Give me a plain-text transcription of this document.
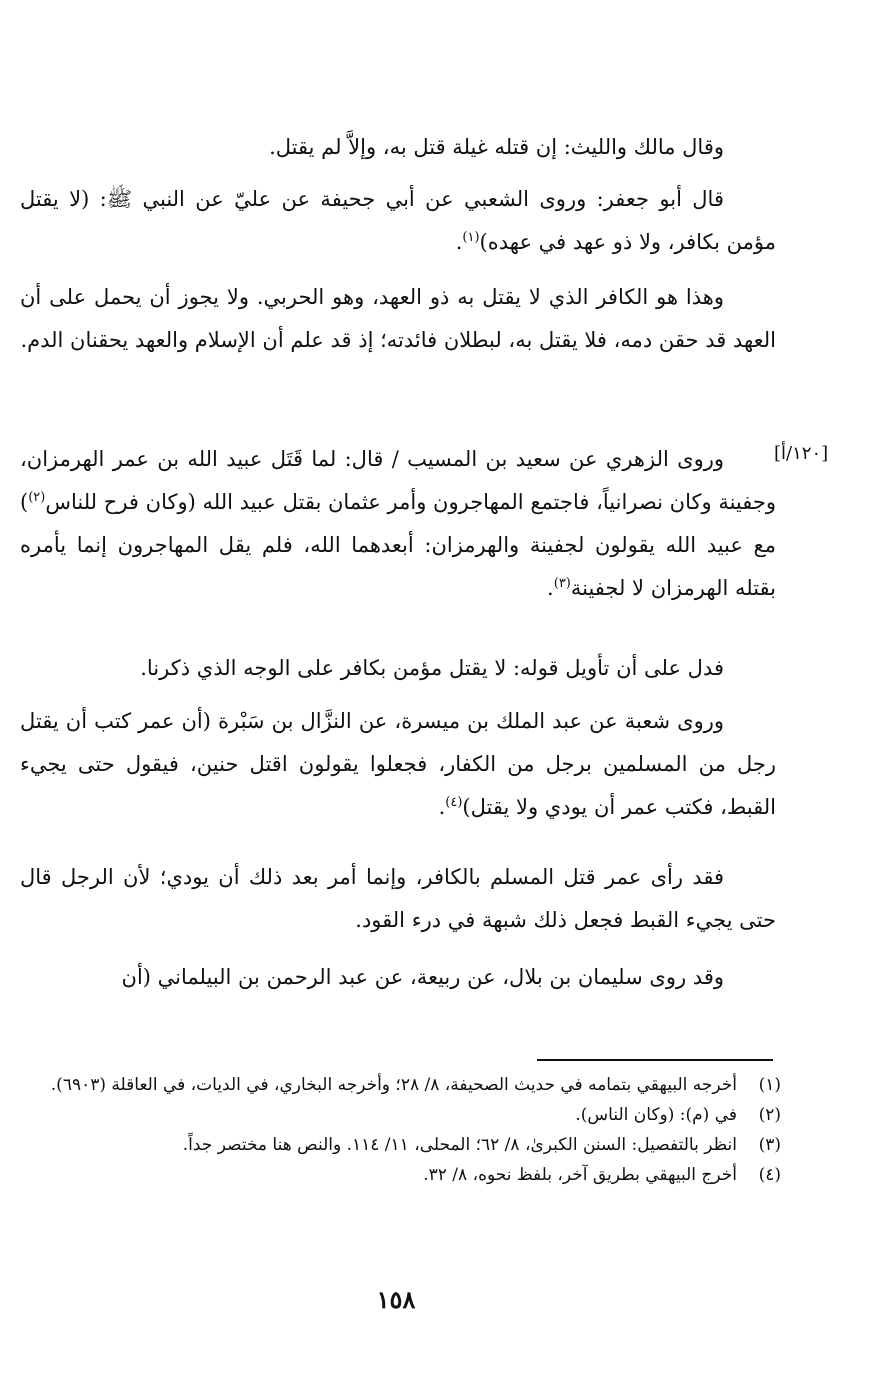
وقال مالك والليث: إن قتله غيلة قتل به، وإلاَّ لم يقتل.

قال أبو جعفر: وروى الشعبي عن أبي جحيفة عن عليّ عن النبي ﷺ: (لا يقتل مؤمن بكافر، ولا ذو عهد في عهده)$^{(١)}$.

وهذا هو الكافر الذي لا يقتل به ذو العهد، وهو الحربي. ولا يجوز أن يحمل على أن العهد قد حقن دمه، فلا يقتل به، لبطلان فائدته؛ إذ قد علم أن الإسلام والعهد يحقنان الدم.

وروى الزهري عن سعيد بن المسيب / قال: لما قَتَل عبيد الله بن عمر الهرمزان، وجفينة وكان نصرانياً، فاجتمع المهاجرون وأمر عثمان بقتل عبيد الله (وكان فرح للناس$^{(٢)}$) مع عبيد الله يقولون لجفينة والهرمزان: أبعدهما الله، فلم يقل المهاجرون إنما يأمره بقتله الهرمزان لا لجفينة$^{(٣)}$.

[١٢٠/أ]

فدل على أن تأويل قوله: لا يقتل مؤمن بكافر على الوجه الذي ذكرنا.

وروى شعبة عن عبد الملك بن ميسرة، عن النزَّال بن سَبْرة (أن عمر كتب أن يقتل رجل من المسلمين برجل من الكفار، فجعلوا يقولون اقتل حنين، فيقول حتى يجيء القبط، فكتب عمر أن يودي ولا يقتل)$^{(٤)}$.

فقد رأى عمر قتل المسلم بالكافر، وإنما أمر بعد ذلك أن يودي؛ لأن الرجل قال حتى يجيء القبط فجعل ذلك شبهة في درء القود.

وقد روى سليمان بن بلال، عن ربيعة، عن عبد الرحمن بن البيلماني (أن

(١)
أخرجه البيهقي بتمامه في حديث الصحيفة، ٨/ ٢٨؛ وأخرجه البخاري، في الديات، في العاقلة (٦٩٠٣).
(٢)
في (م): (وكان الناس).
(٣)
انظر بالتفصيل: السنن الكبرىٰ، ٨/ ٦٢؛ المحلى، ١١/ ١١٤. والنص هنا مختصر جداً.
(٤)
أخرج البيهقي بطريق آخر، بلفظ نحوه، ٨/ ٣٢.
١٥٨
